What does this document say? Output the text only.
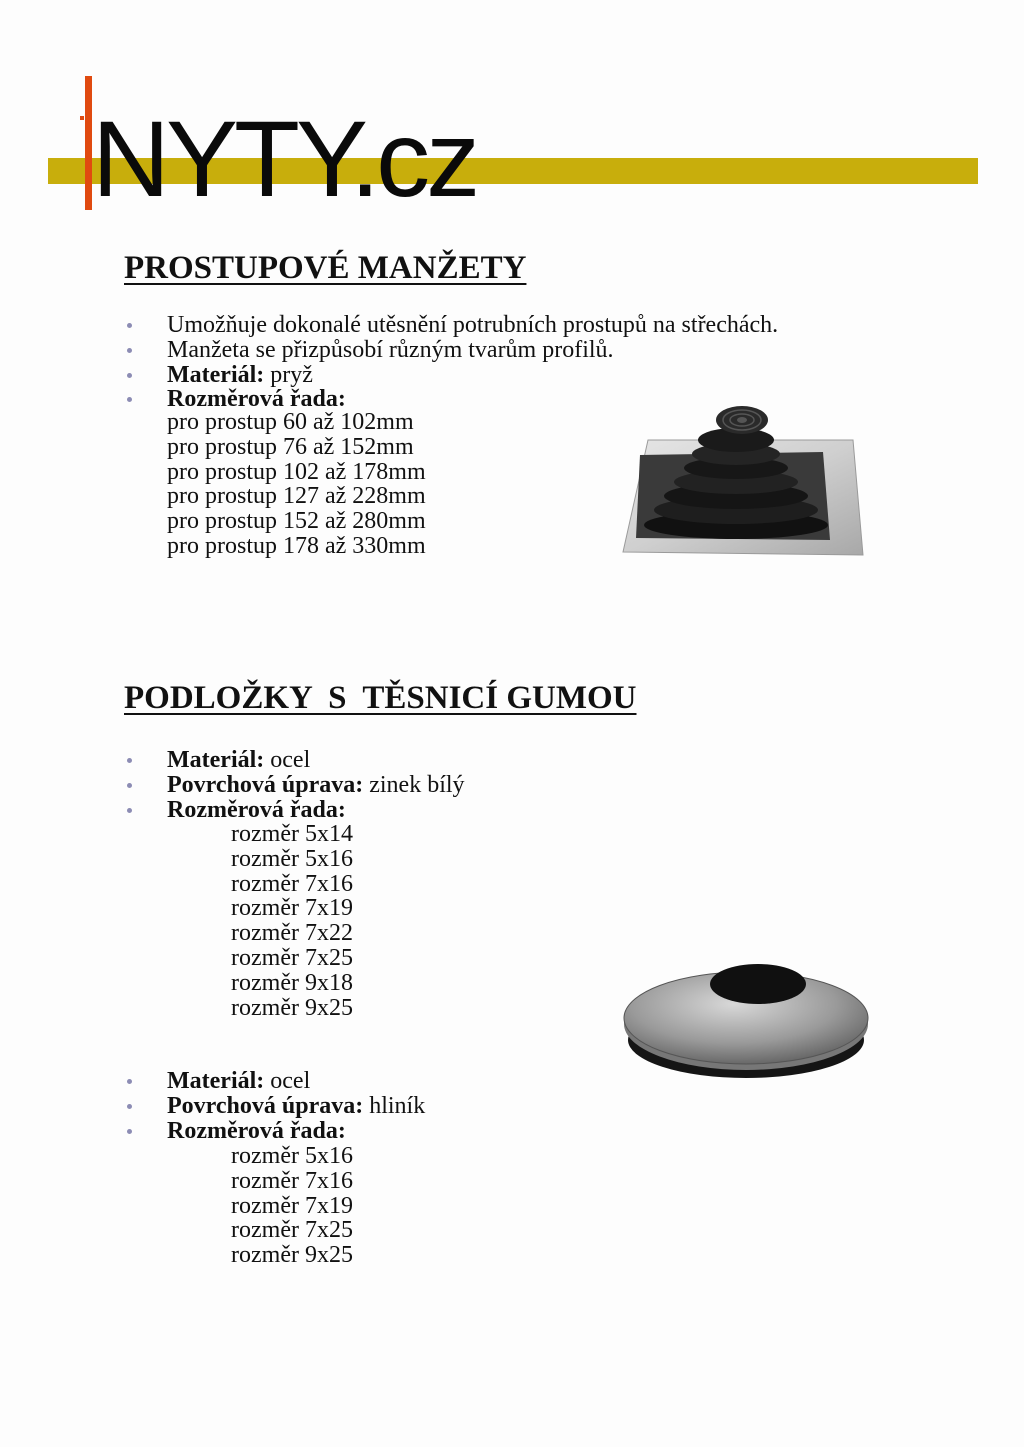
NYTY.cz
PROSTUPOVÉ MANŽETY
Umožňuje dokonalé utěsnění potrubních prostupů na střechách.
Manžeta se přizpůsobí různým tvarům profilů.
Materiál: pryž
Rozměrová řada:
pro prostup 60 až 102mm
pro prostup 76 až 152mm
pro prostup 102 až 178mm
pro prostup 127 až 228mm
pro prostup 152 až 280mm
pro prostup 178 až 330mm
PODLOŽKY  S  TĚSNICÍ GUMOU
Materiál: ocel
Povrchová úprava: zinek bílý
Rozměrová řada:
rozměr 5x14
rozměr 5x16
rozměr 7x16
rozměr 7x19
rozměr 7x22
rozměr 7x25
rozměr 9x18
rozměr 9x25
Materiál: ocel
Povrchová úprava: hliník
Rozměrová řada:
rozměr 5x16
rozměr 7x16
rozměr 7x19
rozměr 7x25
rozměr 9x25
